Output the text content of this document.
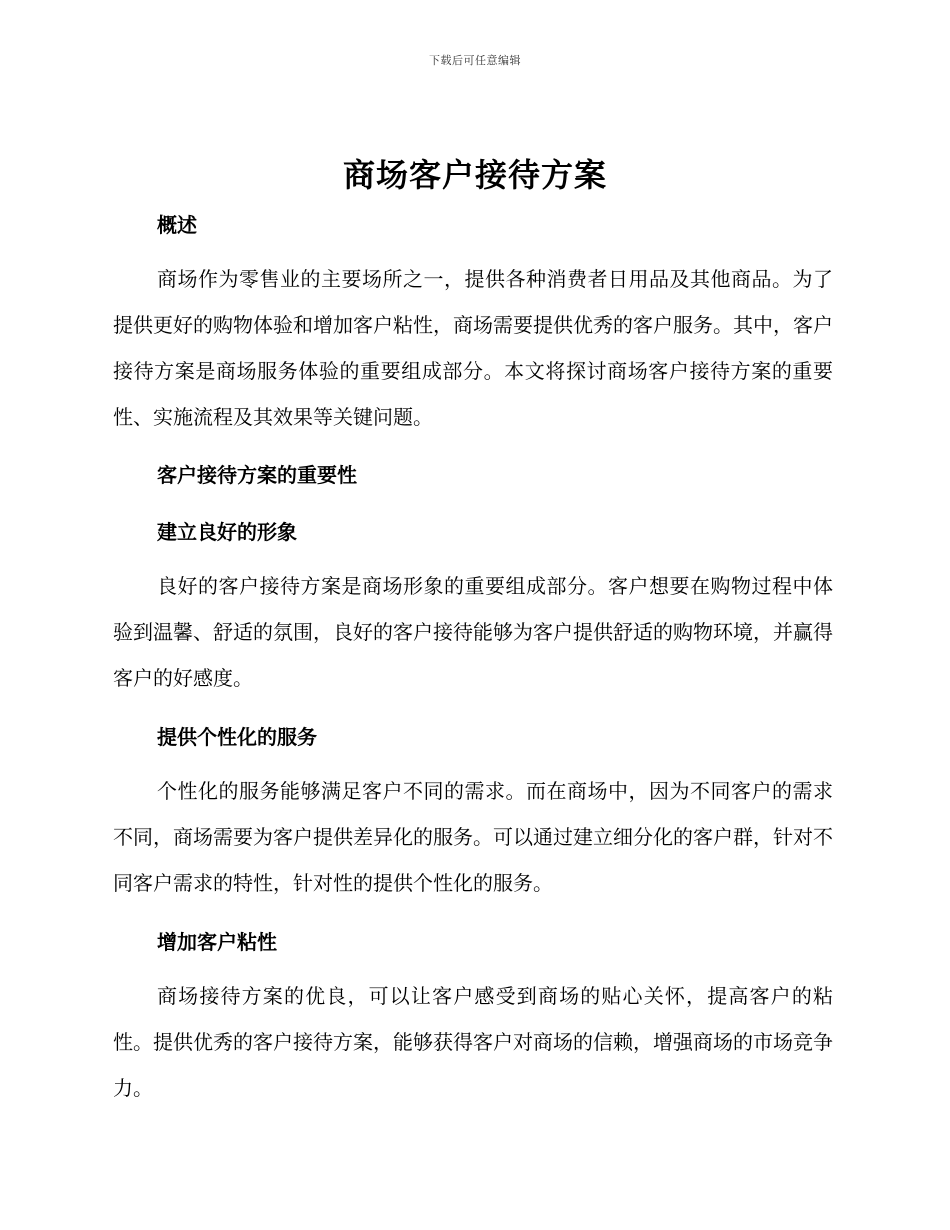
下载后可任意编辑
商场客户接待方案
概述

商场作为零售业的主要场所之一，提供各种消费者日用品及其他商品。为了提供更好的购物体验和增加客户粘性，商场需要提供优秀的客户服务。其中，客户接待方案是商场服务体验的重要组成部分。本文将探讨商场客户接待方案的重要性、实施流程及其效果等关键问题。

客户接待方案的重要性
建立良好的形象

良好的客户接待方案是商场形象的重要组成部分。客户想要在购物过程中体验到温馨、舒适的氛围，良好的客户接待能够为客户提供舒适的购物环境，并赢得客户的好感度。

提供个性化的服务

个性化的服务能够满足客户不同的需求。而在商场中，因为不同客户的需求不同，商场需要为客户提供差异化的服务。可以通过建立细分化的客户群，针对不同客户需求的特性，针对性的提供个性化的服务。

增加客户粘性

商场接待方案的优良，可以让客户感受到商场的贴心关怀，提高客户的粘性。提供优秀的客户接待方案，能够获得客户对商场的信赖，增强商场的市场竞争力。
